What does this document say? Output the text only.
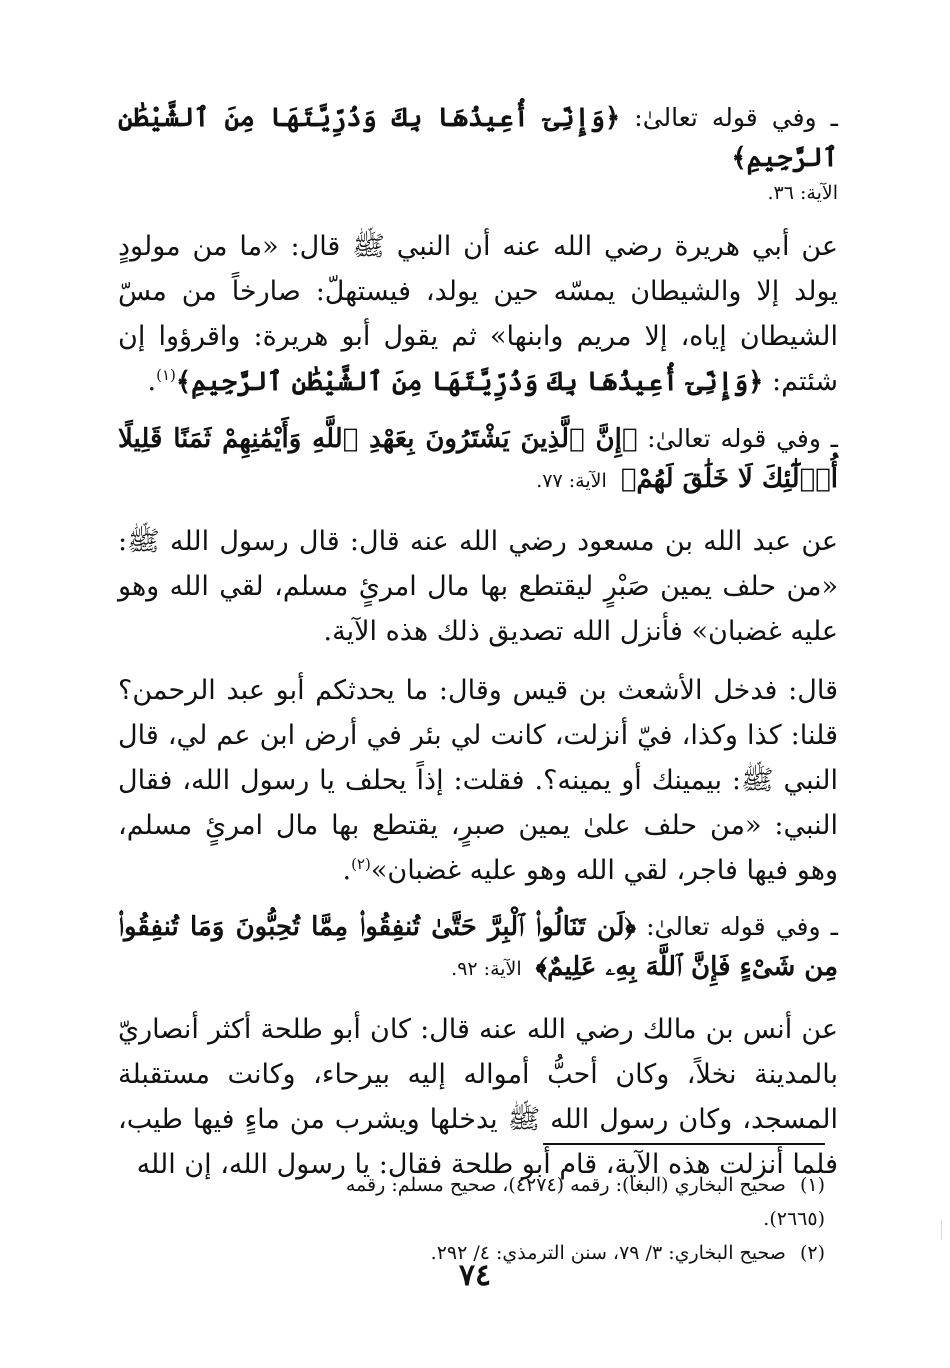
ـ وفي قوله تعالىٰ: ﴿وَإِنِّىٓ أُعِيذُهَا بِكَ وَذُرِّيَّتَهَا مِنَ ٱلشَّيْطَٰنِ ٱلرَّجِيمِ﴾

الآية: ٣٦.

عن أبي هريرة رضي الله عنه أن النبي ﷺ قال: «ما من مولودٍ يولد إلا والشيطان يمسّه حين يولد، فيستهلّ: صارخاً من مسّ الشيطان إياه، إلا مريم وابنها» ثم يقول أبو هريرة: واقرؤوا إن شئتم: ﴿وَإِنِّىٓ أُعِيذُهَا بِكَ وَذُرِّيَّتَهَا مِنَ ٱلشَّيْطَٰنِ ٱلرَّجِيمِ﴾$^{(١)}$.

ـ وفي قوله تعالىٰ: ﴿إِنَّ ٱلَّذِينَ يَشْتَرُونَ بِعَهْدِ ٱللَّهِ وَأَيْمَٰنِهِمْ ثَمَنًا قَلِيلًا أُو۟لَٰٓئِكَ لَا خَلَٰقَ لَهُمْ﴾ الآية: ٧٧.

عن عبد الله بن مسعود رضي الله عنه قال: قال رسول الله ﷺ: «من حلف يمين صَبْرٍ ليقتطع بها مال امرئٍ مسلم، لقي الله وهو عليه غضبان» فأنزل الله تصديق ذلك هذه الآية.

قال: فدخل الأشعث بن قيس وقال: ما يحدثكم أبو عبد الرحمن؟ قلنا: كذا وكذا، فيّ أنزلت، كانت لي بئر في أرض ابن عم لي، قال النبي ﷺ: بيمينك أو يمينه؟. فقلت: إذاً يحلف يا رسول الله، فقال النبي: «من حلف علىٰ يمين صبرٍ، يقتطع بها مال امرئٍ مسلم، وهو فيها فاجر، لقي الله وهو عليه غضبان»$^{(٢)}$.

ـ وفي قوله تعالىٰ: ﴿لَن تَنَالُوا۟ ٱلْبِرَّ حَتَّىٰ تُنفِقُوا۟ مِمَّا تُحِبُّونَ وَمَا تُنفِقُوا۟ مِن شَىْءٍ فَإِنَّ ٱللَّهَ بِهِۦ عَلِيمٌ﴾ الآية: ٩٢.

عن أنس بن مالك رضي الله عنه قال: كان أبو طلحة أكثر أنصاريّ بالمدينة نخلاً، وكان أحبُّ أمواله إليه بيرحاء، وكانت مستقبلة المسجد، وكان رسول الله ﷺ يدخلها ويشرب من ماءٍ فيها طيب، فلما أنزلت هذه الآية، قام أبو طلحة فقال: يا رسول الله، إن الله

(١)صحيح البخاري (البغا): رقمه (٤٢٧٤)، صحيح مسلم: رقمه (٢٦٦٥).
(٢)صحيح البخاري: ٣/ ٧٩، سنن الترمذي: ٤/ ٢٩٢.
٧٤
